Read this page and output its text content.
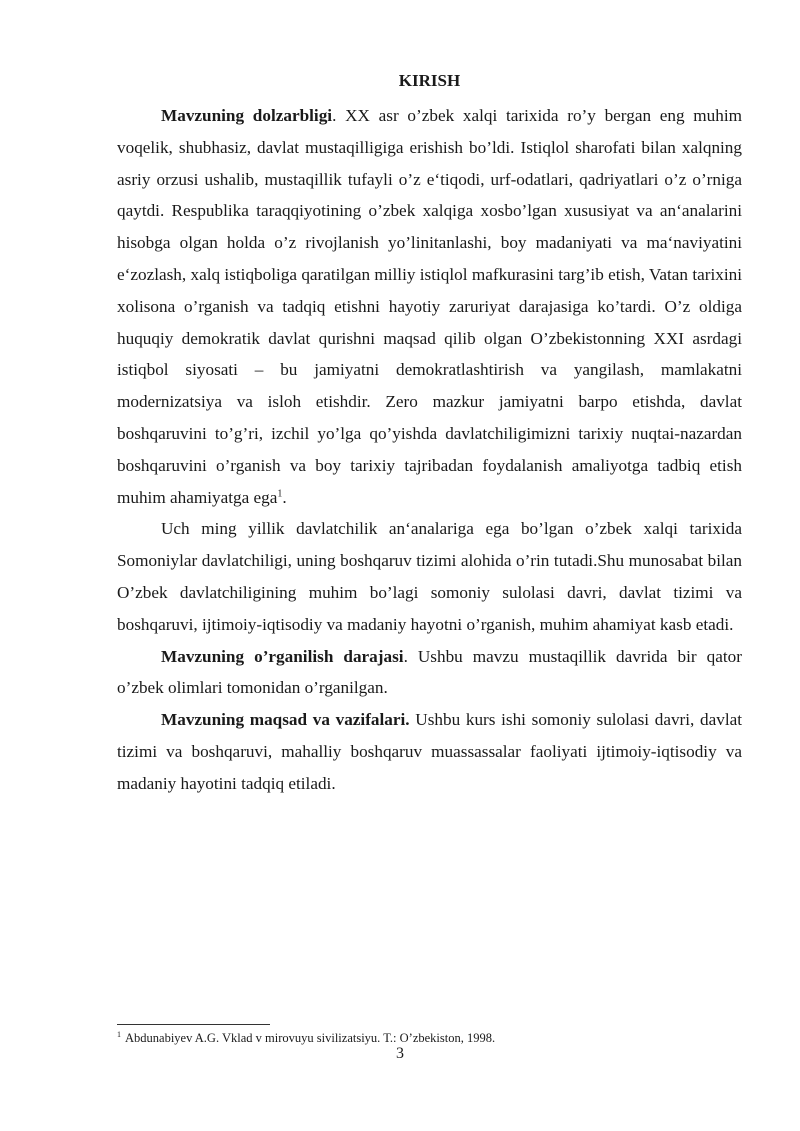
KIRISH

Mavzuning dolzarbligi. XX asr o’zbek xalqi tarixida ro’y bergan eng muhim voqelik, shubhasiz, davlat mustaqilligiga erishish bo’ldi. Istiqlol sharofati bilan xalqning asriy orzusi ushalib, mustaqillik tufayli o’z e‘tiqodi, urf-odatlari, qadriyatlari o’z o’rniga qaytdi. Respublika taraqqiyotining o’zbek xalqiga xosbo’lgan xususiyat va an‘analarini hisobga olgan holda o’z rivojlanish yo’linitanlashi, boy madaniyati va ma‘naviyatini e‘zozlash, xalq istiqboliga qaratilgan milliy istiqlol mafkurasini targ’ib etish, Vatan tarixini xolisona o’rganish va tadqiq etishni hayotiy zaruriyat darajasiga ko’tardi. O’z oldiga huquqiy demokratik davlat qurishni maqsad qilib olgan O’zbekistonning XXI asrdagi istiqbol siyosati – bu jamiyatni demokratlashtirish va yangilash, mamlakatni modernizatsiya va isloh etishdir. Zero mazkur jamiyatni barpo etishda, davlat boshqaruvini to’g’ri, izchil yo’lga qo’yishda davlatchiligimizni tarixiy nuqtai-nazardan boshqaruvini o’rganish va boy tarixiy tajribadan foydalanish amaliyotga tadbiq etish muhim ahamiyatga ega$^1$.

Uch ming yillik davlatchilik an‘analariga ega bo’lgan o’zbek xalqi tarixida Somoniylar davlatchiligi, uning boshqaruv tizimi alohida o’rin tutadi.Shu munosabat bilan O’zbek davlatchiligining muhim bo’lagi somoniy sulolasi davri, davlat tizimi va boshqaruvi, ijtimoiy-iqtisodiy va madaniy hayotni o’rganish, muhim ahamiyat kasb etadi.

Mavzuning o’rganilish darajasi. Ushbu mavzu mustaqillik davrida bir qator o’zbek olimlari tomonidan o’rganilgan.

Mavzuning maqsad va vazifalari. Ushbu kurs ishi somoniy sulolasi davri, davlat tizimi va boshqaruvi, mahalliy boshqaruv muassassalar faoliyati ijtimoiy-iqtisodiy va madaniy hayotini tadqiq etiladi.

$^1$ Abdunabiyev A.G. Vklad v mirovuyu sivilizatsiyu. T.: O’zbekiston, 1998.
3
